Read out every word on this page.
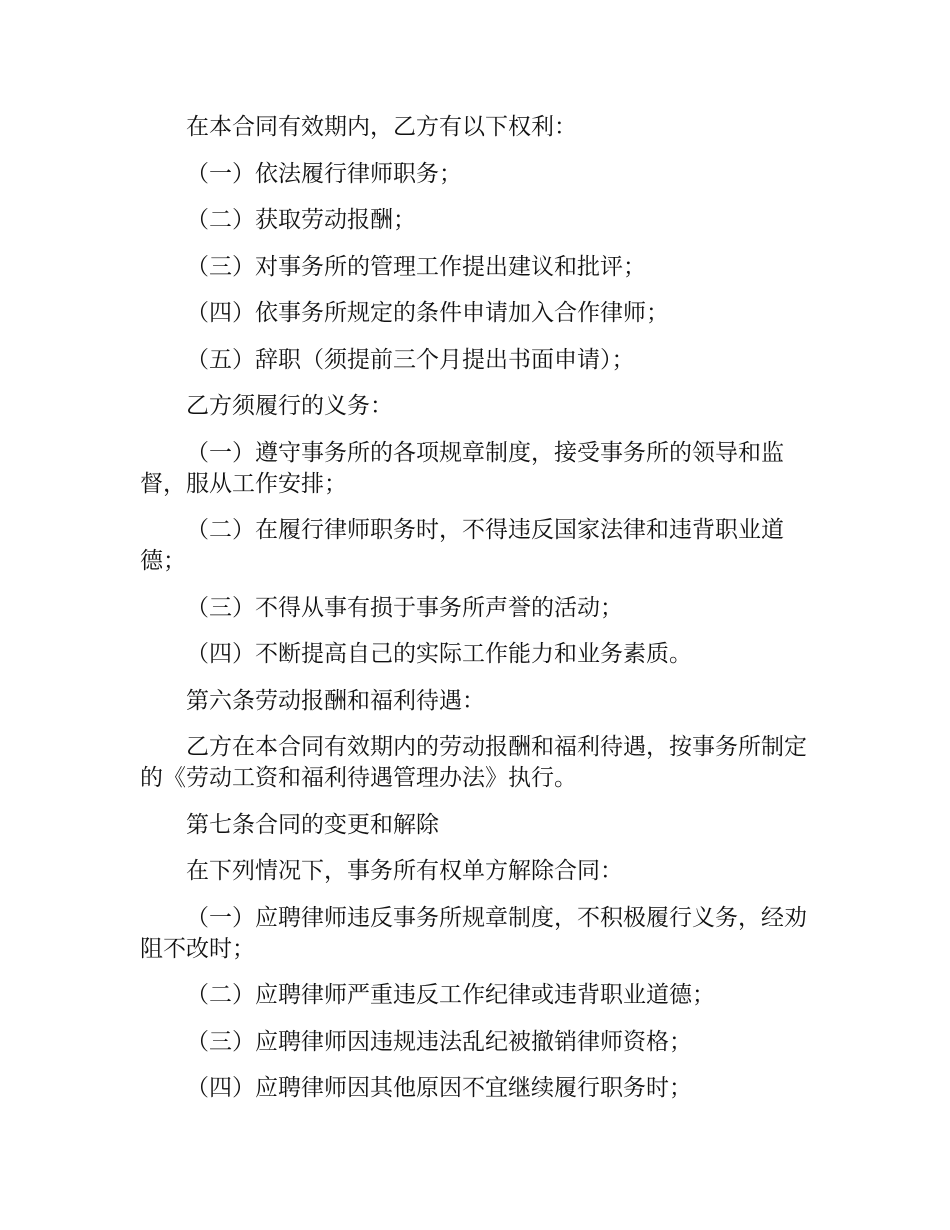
在本合同有效期内，乙方有以下权利：

（一）依法履行律师职务；

（二）获取劳动报酬；

（三）对事务所的管理工作提出建议和批评；

（四）依事务所规定的条件申请加入合作律师；

（五）辞职（须提前三个月提出书面申请）；

乙方须履行的义务：

（一）遵守事务所的各项规章制度，接受事务所的领导和监督，服从工作安排；

（二）在履行律师职务时，不得违反国家法律和违背职业道德；

（三）不得从事有损于事务所声誉的活动；

（四）不断提高自己的实际工作能力和业务素质。

第六条劳动报酬和福利待遇：

乙方在本合同有效期内的劳动报酬和福利待遇，按事务所制定的《劳动工资和福利待遇管理办法》执行。

第七条合同的变更和解除

在下列情况下，事务所有权单方解除合同：

（一）应聘律师违反事务所规章制度，不积极履行义务，经劝阻不改时；

（二）应聘律师严重违反工作纪律或违背职业道德；

（三）应聘律师因违规违法乱纪被撤销律师资格；

（四）应聘律师因其他原因不宜继续履行职务时；
